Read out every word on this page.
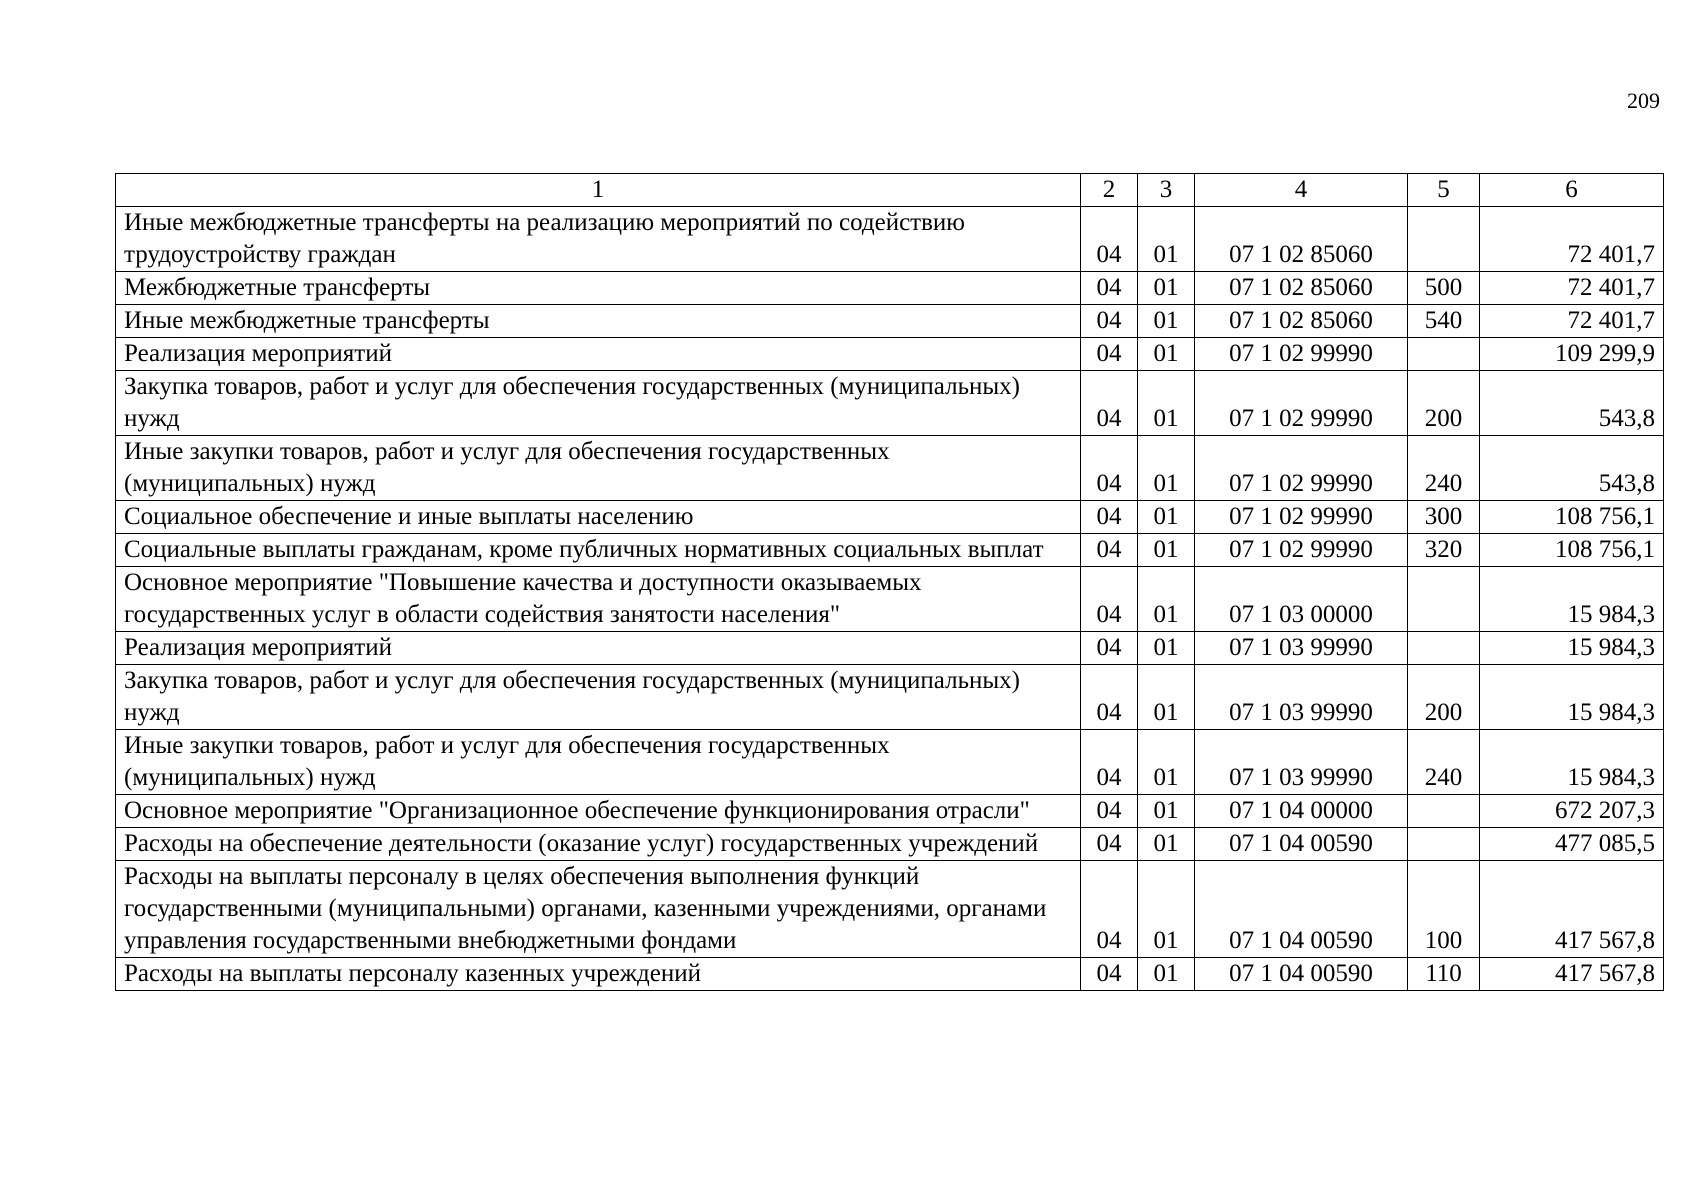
209
1	2	3	4	5	6
Иные межбюджетные трансферты на реализацию мероприятий по содействию трудоустройству граждан	04	01	07 1 02 85060		72 401,7
Межбюджетные трансферты	04	01	07 1 02 85060	500	72 401,7
Иные межбюджетные трансферты	04	01	07 1 02 85060	540	72 401,7
Реализация мероприятий	04	01	07 1 02 99990		109 299,9
Закупка товаров, работ и услуг для обеспечения государственных (муниципальных) нужд	04	01	07 1 02 99990	200	543,8
Иные закупки товаров, работ и услуг для обеспечения государственных (муниципальных) нужд	04	01	07 1 02 99990	240	543,8
Социальное обеспечение и иные выплаты населению	04	01	07 1 02 99990	300	108 756,1
Социальные выплаты гражданам, кроме публичных нормативных социальных выплат	04	01	07 1 02 99990	320	108 756,1
Основное мероприятие "Повышение качества и доступности оказываемых государственных услуг в области содействия занятости населения"	04	01	07 1 03 00000		15 984,3
Реализация мероприятий	04	01	07 1 03 99990		15 984,3
Закупка товаров, работ и услуг для обеспечения государственных (муниципальных) нужд	04	01	07 1 03 99990	200	15 984,3
Иные закупки товаров, работ и услуг для обеспечения государственных (муниципальных) нужд	04	01	07 1 03 99990	240	15 984,3
Основное мероприятие "Организационное обеспечение функционирования отрасли"	04	01	07 1 04 00000		672 207,3
Расходы на обеспечение деятельности (оказание услуг) государственных учреждений	04	01	07 1 04 00590		477 085,5
Расходы на выплаты персоналу в целях обеспечения выполнения функций государственными (муниципальными) органами, казенными учреждениями, органами управления государственными внебюджетными фондами	04	01	07 1 04 00590	100	417 567,8
Расходы на выплаты персоналу казенных учреждений	04	01	07 1 04 00590	110	417 567,8
